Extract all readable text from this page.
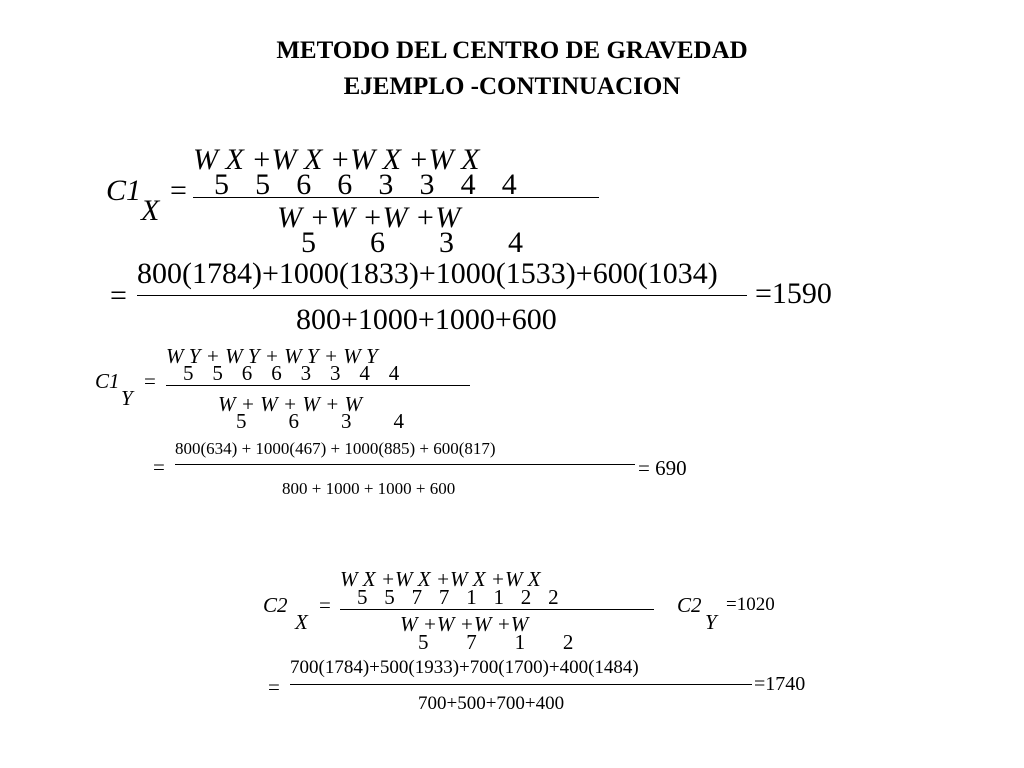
METODO DEL CENTRO DE GRAVEDAD
EJEMPLO -CONTINUACION
C1
X
=
W X +W X +W X +W X
5 5 6 6 3 3 4 4
W +W +W +W
5 6 3 4
=
800(1784)+1000(1833)+1000(1533)+600(1034)
800+1000+1000+600
=1590
C1
Y
=
W Y + W Y + W Y + W Y
5 5 6 6 3 3 4 4
W + W + W + W
5 6 3 4
=
800(634) + 1000(467) + 1000(885) + 600(817)
800 + 1000 + 1000 + 600
= 690
C2
X
=
W X +W X +W X +W X
5 5 7 7 1 1 2 2
W +W +W +W
5 7 1 2
C2
Y
=1020
=
700(1784)+500(1933)+700(1700)+400(1484)
700+500+700+400
=1740
